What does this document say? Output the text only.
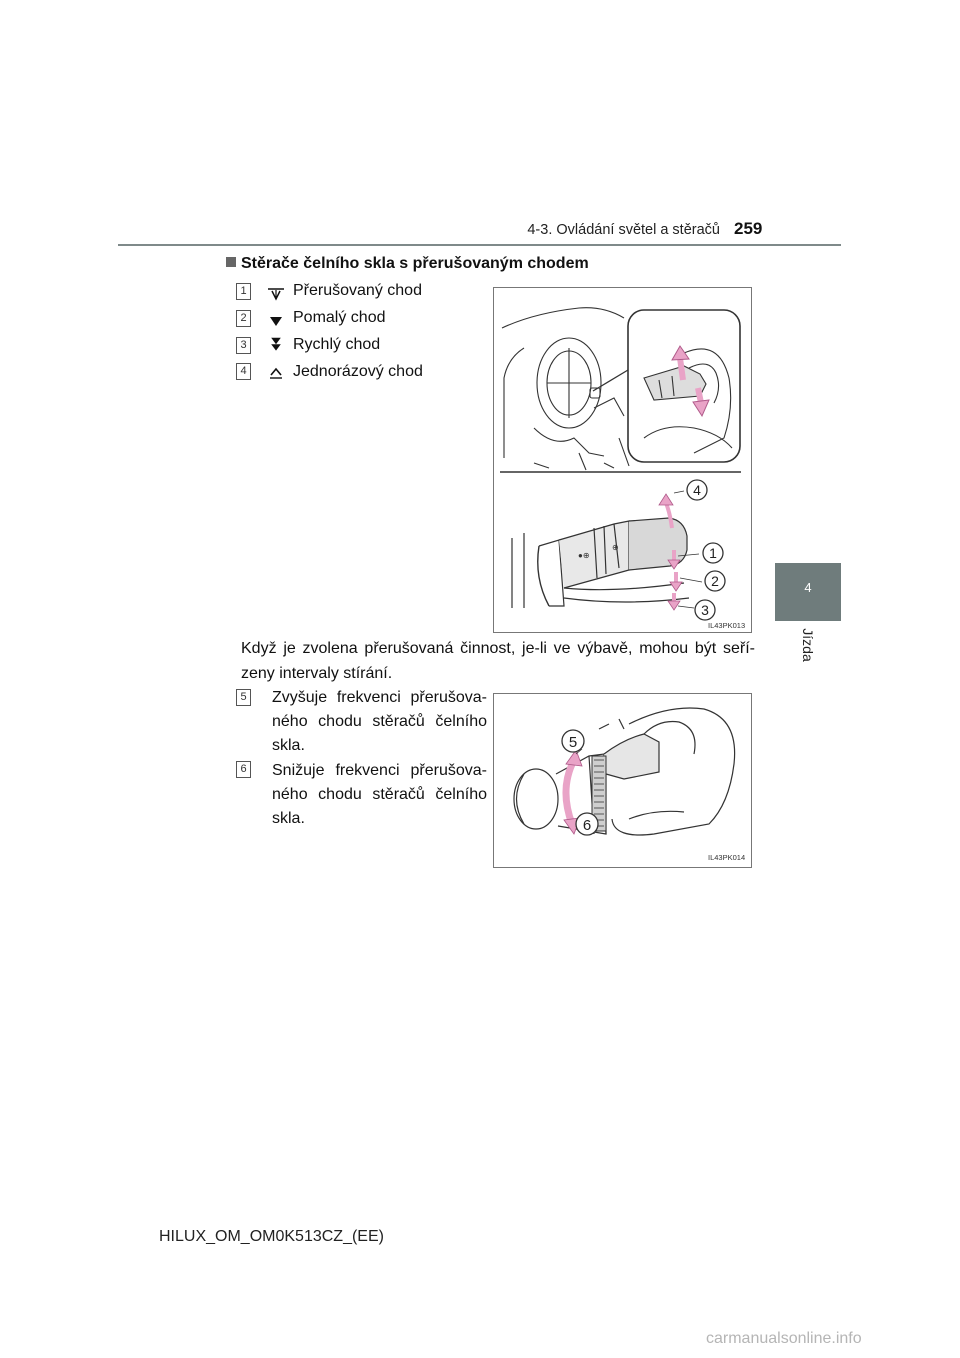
4-3. Ovládání světel a stěračů 259
4
Jízda
Stěrače čelního skla s přerušovaným chodem
1	Přerušovaný chod
2	Pomalý chod
3	Rychlý chod
4	Jednorázový chod
●⊕
⊕
4
1
2
3
IL43PK013
Když je zvolena přerušovaná činnost, je-li ve výbavě, mohou být seří- zeny intervaly stírání.
5 Zvyšuje frekvenci přerušova- ného chodu stěračů čelního skla.
6 Snižuje frekvenci přerušova- ného chodu stěračů čelního skla.
5
6
IL43PK014
HILUX_OM_OM0K513CZ_(EE)
carmanualsonline.info
